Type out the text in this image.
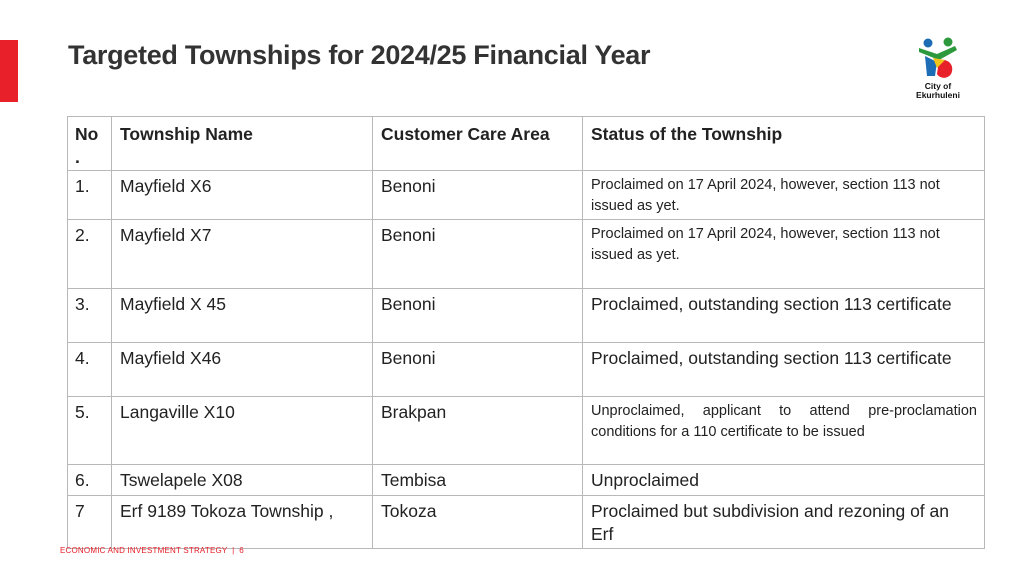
Targeted Townships for 2024/25 Financial Year
City of
Ekurhuleni
No
.	Township Name	Customer Care Area	Status of the Township
1.	Mayfield X6	Benoni	Proclaimed on 17 April 2024, however, section 113 not issued as yet.
2.	Mayfield X7	Benoni	Proclaimed on 17 April 2024, however, section 113 not issued as yet.
3.	Mayfield X 45	Benoni	Proclaimed, outstanding section 113 certificate
4.	Mayfield X46	Benoni	Proclaimed, outstanding section 113 certificate
5.	Langaville X10	Brakpan	Unproclaimed, applicant to attend pre-proclamation conditions for a 110 certificate to be issued
6.	Tswelapele X08	Tembisa	Unproclaimed
7	Erf 9189 Tokoza Township ,	Tokoza	Proclaimed but subdivision and rezoning of an Erf
ECONOMIC AND INVESTMENT STRATEGY  |  6
